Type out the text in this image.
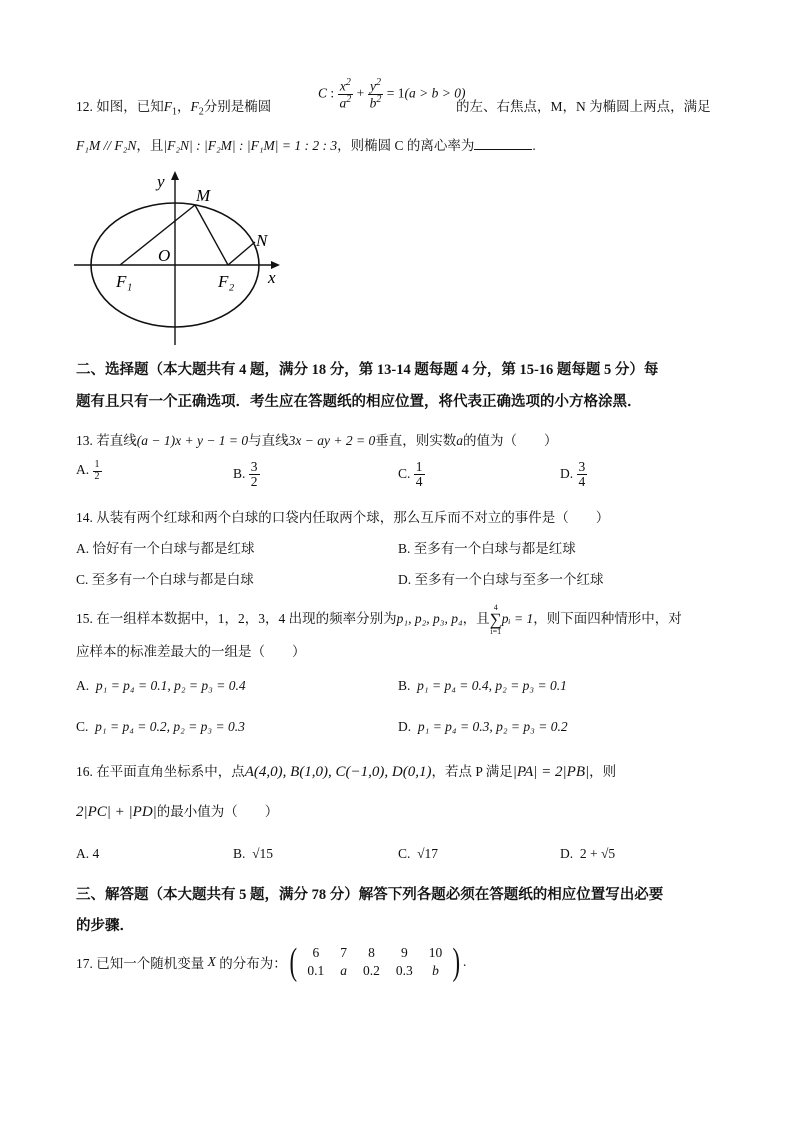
12. 如图，已知$F_1$，$F_2$分别是椭圆
C : $\frac{x^2}{a^2} + \frac{y^2}{b^2} = 1(a > b > 0)$
的左、右焦点，M，N 为椭圆上两点，满足
F₁M // F₂N，且|F₂N| : |F₂M| : |F₁M| = 1 : 2 : 3，则椭圆 C 的离心率为	.
y
x
O
M
N
F₁	F₂
二、选择题（本大题共有 4 题，满分 18 分，第 13-14 题每题 4 分，第 15-16 题每题 5 分）每
题有且只有一个正确选项．考生应在答题纸的相应位置，将代表正确选项的小方格涂黑．
13. 若直线(a − 1)x + y − 1 = 0与直线3x − ay + 2 = 0垂直，则实数a的值为（　　）
A. $\frac{1}{2}$	B. $\frac{3}{2}$	C. $\frac{1}{4}$	D. $\frac{3}{4}$
14. 从装有两个红球和两个白球的口袋内任取两个球，那么互斥而不对立的事件是（　　）
A. 恰好有一个白球与都是红球	B. 至多有一个白球与都是红球
C. 至多有一个白球与都是白球	D. 至多有一个白球与至多一个红球
15. 在一组样本数据中，1，2，3，4 出现的频率分别为p₁, p₂, p₃, p₄，且
4
∑
i=1
pᵢ = 1，则下面四种情形中，对
应样本的标准差最大的一组是（　　）
A. p₁ = p₄ = 0.1, p₂ = p₃ = 0.4	B. p₁ = p₄ = 0.4, p₂ = p₃ = 0.1
C. p₁ = p₄ = 0.2, p₂ = p₃ = 0.3	D. p₁ = p₄ = 0.3, p₂ = p₃ = 0.2
16. 在平面直角坐标系中，点A(4,0), B(1,0), C(−1,0), D(0,1)，若点 P 满足|PA| = 2|PB|，则
2|PC| + |PD|的最小值为（　　）
A. 4	B. √15	C. √17	D. 2 + √5
三、解答题（本大题共有 5 题，满分 78 分）解答下列各题必须在答题纸的相应位置写出必要
的步骤．
17. 已知一个随机变量 X 的分布为：( 6	7	8	9	10
0.1	a	0.2	0.3	b ) .
